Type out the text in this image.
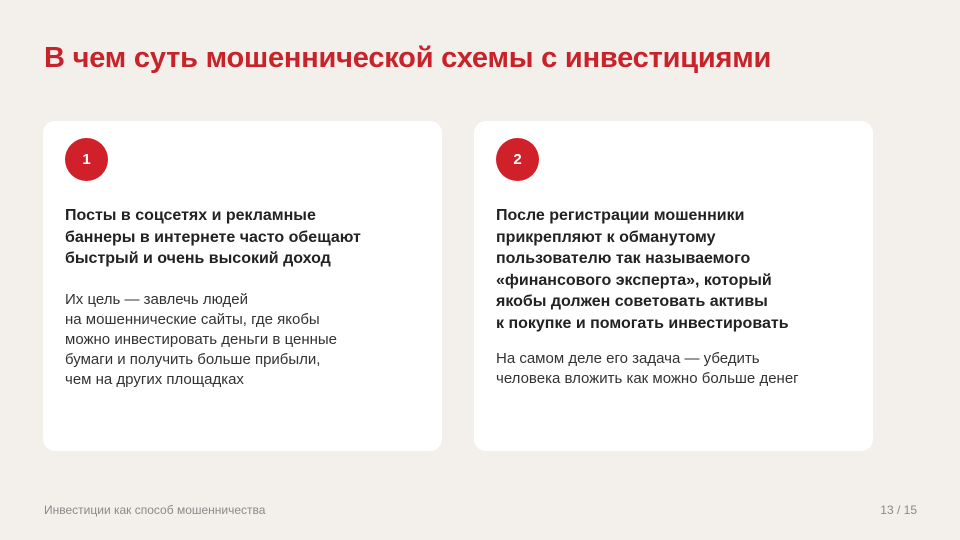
В чем суть мошеннической схемы с инвестициями
1
Посты в соцсетях и рекламные
баннеры в интернете часто обещают
быстрый и очень высокий доход
Их цель — завлечь людей
на мошеннические сайты, где якобы
можно инвестировать деньги в ценные
бумаги и получить больше прибыли,
чем на других площадках
2
После регистрации мошенники
прикрепляют к обманутому
пользователю так называемого
«финансового эксперта», который
якобы должен советовать активы
к покупке и помогать инвестировать
На самом деле его задача — убедить
человека вложить как можно больше денег
Инвестиции как способ мошенничества	13 / 15
